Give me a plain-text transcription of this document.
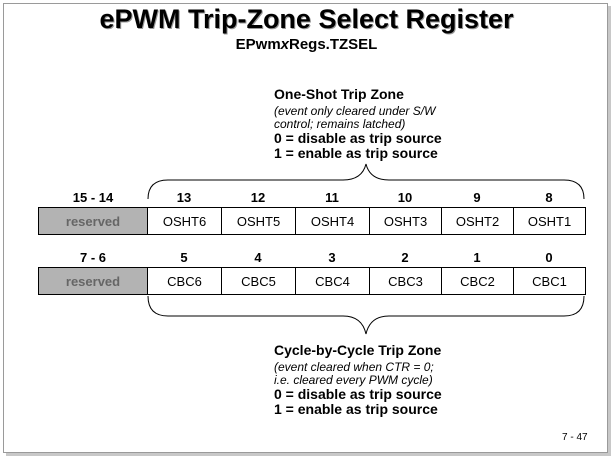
ePWM Trip-Zone Select Register
EPwmxRegs.TZSEL
One-Shot Trip Zone
(event only cleared under S/W
control; remains latched)
0 = disable as trip source
1 = enable as trip source
15 - 14	13	12	11	10	9	8
reserved	OSHT6	OSHT5	OSHT4	OSHT3	OSHT2	OSHT1
7 - 6	5	4	3	2	1	0
reserved	CBC6	CBC5	CBC4	CBC3	CBC2	CBC1
Cycle-by-Cycle Trip Zone
(event cleared when CTR = 0;
i.e. cleared every PWM cycle)
0 = disable as trip source
1 = enable as trip source
7 - 47
